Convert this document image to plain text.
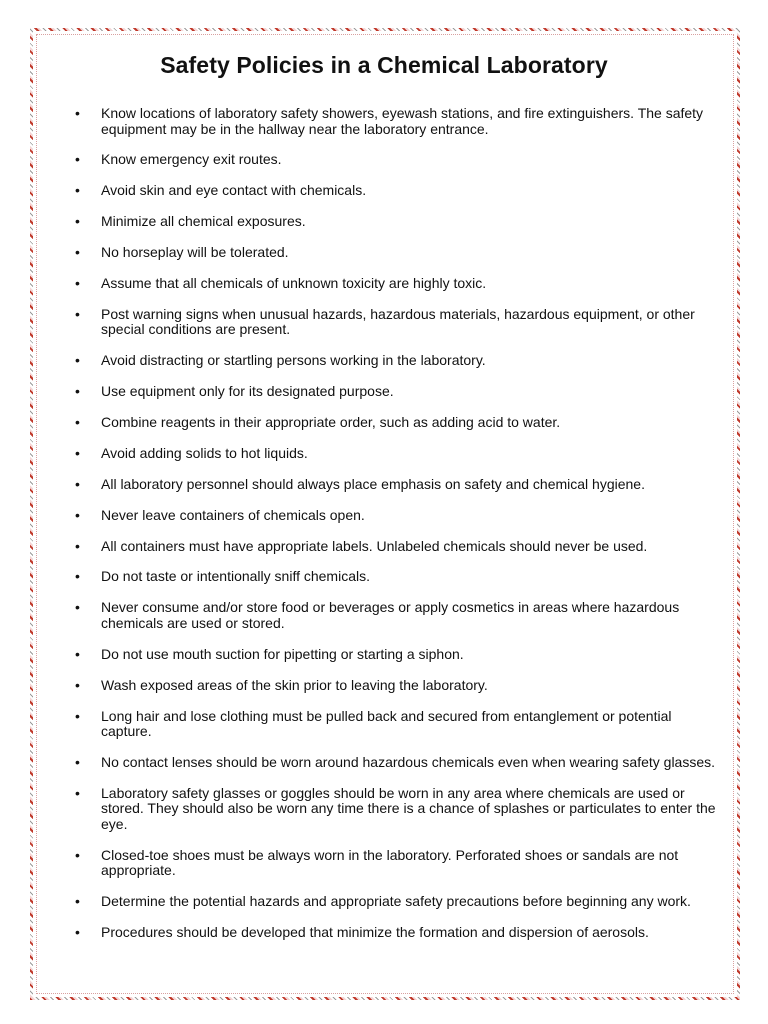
Safety Policies in a Chemical Laboratory
• Know locations of laboratory safety showers, eyewash stations, and fire extinguishers. The safety equipment may be in the hallway near the laboratory entrance.
• Know emergency exit routes.
• Avoid skin and eye contact with chemicals.
• Minimize all chemical exposures.
• No horseplay will be tolerated.
• Assume that all chemicals of unknown toxicity are highly toxic.
• Post warning signs when unusual hazards, hazardous materials, hazardous equipment, or other special conditions are present.
• Avoid distracting or startling persons working in the laboratory.
• Use equipment only for its designated purpose.
• Combine reagents in their appropriate order, such as adding acid to water.
• Avoid adding solids to hot liquids.
• All laboratory personnel should always place emphasis on safety and chemical hygiene.
• Never leave containers of chemicals open.
• All containers must have appropriate labels. Unlabeled chemicals should never be used.
• Do not taste or intentionally sniff chemicals.
• Never consume and/or store food or beverages or apply cosmetics in areas where hazardous chemicals are used or stored.
• Do not use mouth suction for pipetting or starting a siphon.
• Wash exposed areas of the skin prior to leaving the laboratory.
• Long hair and lose clothing must be pulled back and secured from entanglement or potential capture.
• No contact lenses should be worn around hazardous chemicals even when wearing safety glasses.
• Laboratory safety glasses or goggles should be worn in any area where chemicals are used or stored. They should also be worn any time there is a chance of splashes or particulates to enter the eye.
• Closed-toe shoes must be always worn in the laboratory. Perforated shoes or sandals are not appropriate.
• Determine the potential hazards and appropriate safety precautions before beginning any work.
• Procedures should be developed that minimize the formation and dispersion of aerosols.
